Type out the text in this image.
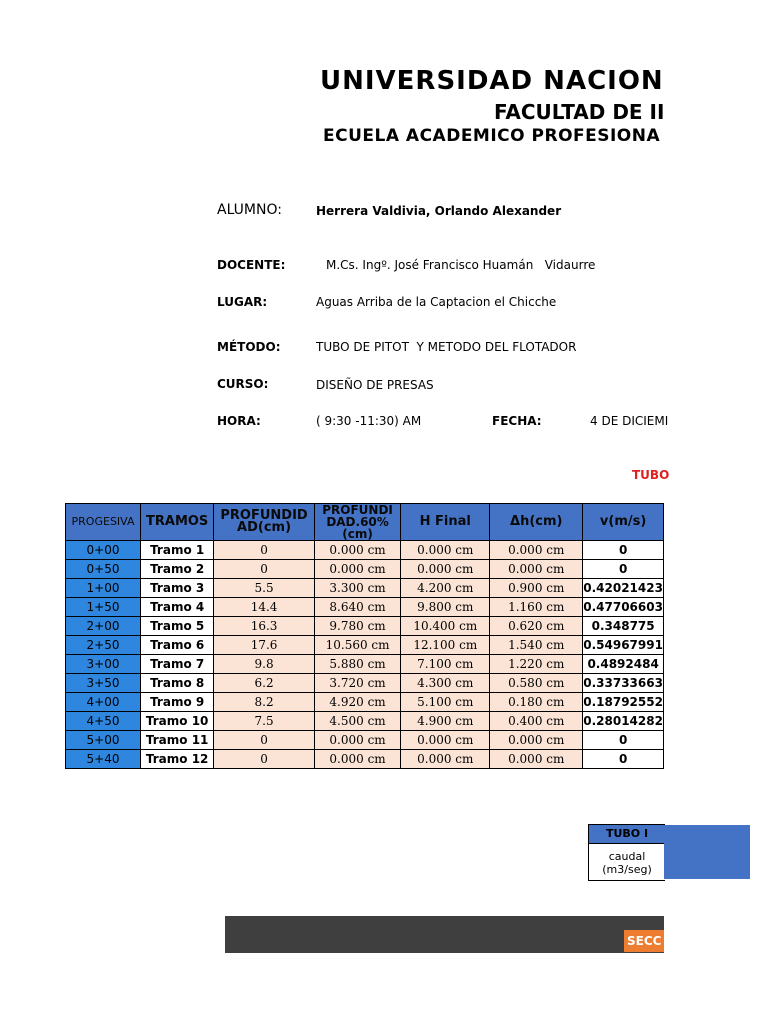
UNIVERSIDAD NACION
FACULTAD DE II
ECUELA ACADEMICO PROFESIONA
ALUMNO:	Herrera Valdivia, Orlando Alexander
DOCENTE:	M.Cs. Ingº. José Francisco Huamán   Vidaurre
LUGAR:	Aguas Arriba de la Captacion el Chicche
MÉTODO:	TUBO DE PITOT  Y METODO DEL FLOTADOR
CURSO:	DISEÑO DE PRESAS
HORA:	( 9:30 -11:30) AM	FECHA:	4 DE DICIEMI
TUBO
PROGESIVA	TRAMOS	PROFUNDID AD(cm)	PROFUNDI DAD.60% (cm)	H Final	Δh(cm)	v(m/s)
0+00	Tramo 1	0	0.000 cm	0.000 cm	0.000 cm	0
0+50	Tramo 2	0	0.000 cm	0.000 cm	0.000 cm	0
1+00	Tramo 3	5.5	3.300 cm	4.200 cm	0.900 cm	0.42021423
1+50	Tramo 4	14.4	8.640 cm	9.800 cm	1.160 cm	0.47706603
2+00	Tramo 5	16.3	9.780 cm	10.400 cm	0.620 cm	0.348775
2+50	Tramo 6	17.6	10.560 cm	12.100 cm	1.540 cm	0.54967991
3+00	Tramo 7	9.8	5.880 cm	7.100 cm	1.220 cm	0.4892484
3+50	Tramo 8	6.2	3.720 cm	4.300 cm	0.580 cm	0.33733663
4+00	Tramo 9	8.2	4.920 cm	5.100 cm	0.180 cm	0.18792552
4+50	Tramo 10	7.5	4.500 cm	4.900 cm	0.400 cm	0.28014282
5+00	Tramo 11	0	0.000 cm	0.000 cm	0.000 cm	0
5+40	Tramo 12	0	0.000 cm	0.000 cm	0.000 cm	0
TUBO I
caudal (m3/seg)
SECC
